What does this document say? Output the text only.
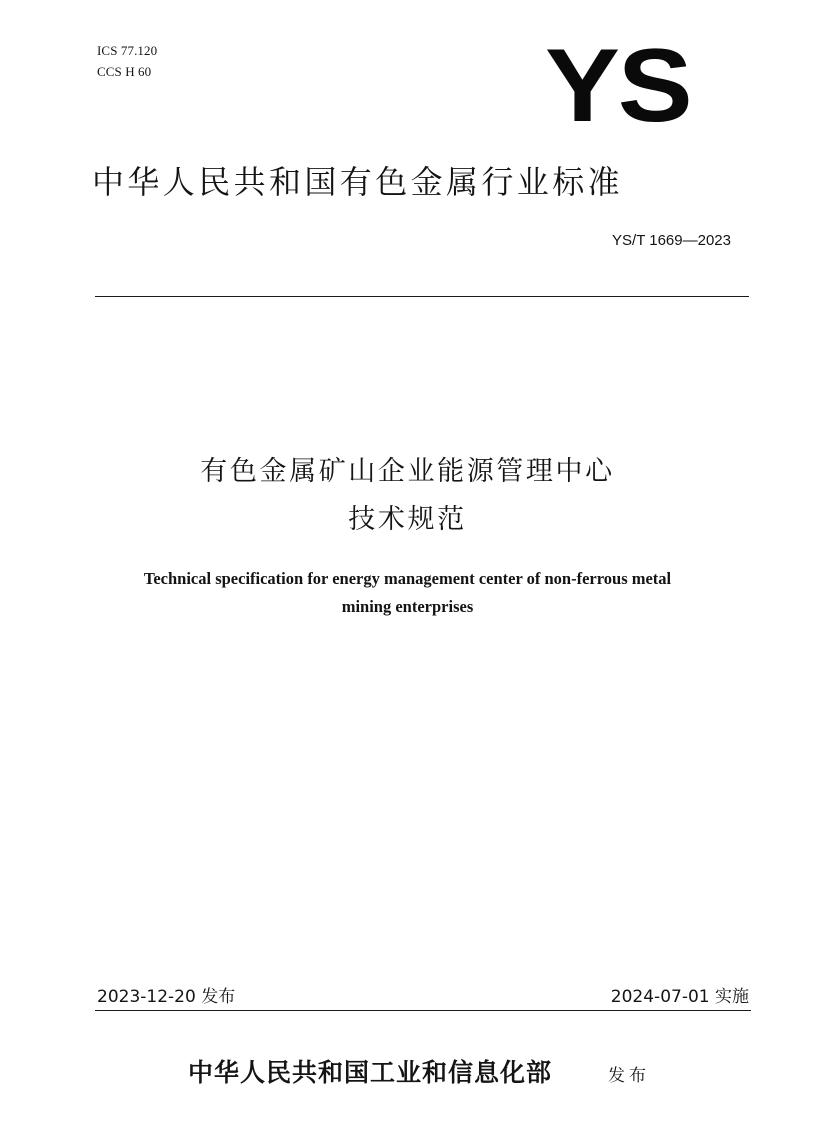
ICS 77.120
CCS H 60	YS
中华人民共和国有色金属行业标准
YS/T 1669—2023
有色金属矿山企业能源管理中心
技术规范
Technical specification for energy management center of non-ferrous metal
mining enterprises
2023-12-20 发布	2024-07-01 实施
中华人民共和国工业和信息化部	发布
